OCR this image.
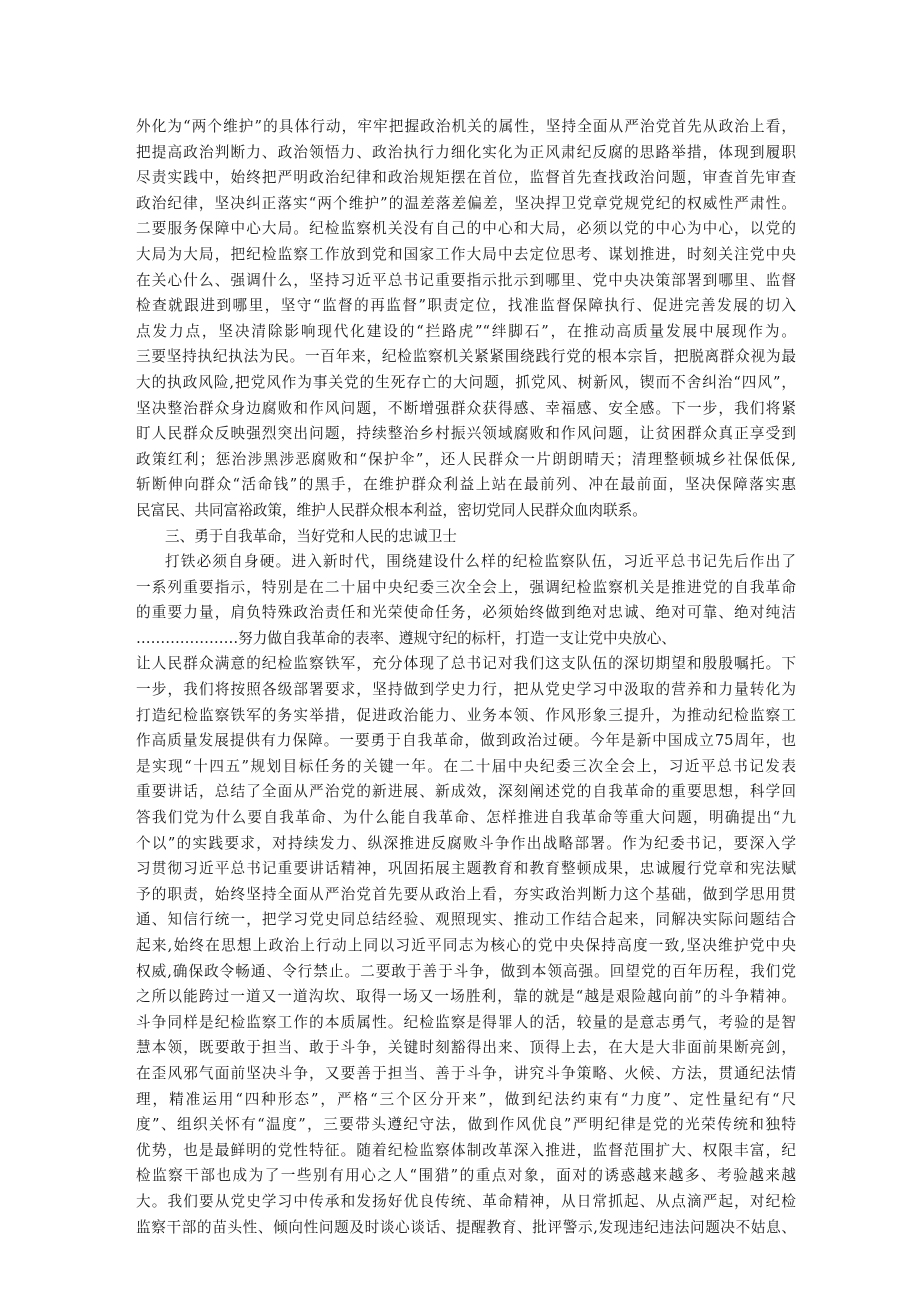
外化为“两个维护”的具体行动，牢牢把握政治机关的属性，坚持全面从严治党首先从政治上看，
把提高政治判断力、政治领悟力、政治执行力细化实化为正风肃纪反腐的思路举措，体现到履职
尽责实践中，始终把严明政治纪律和政治规矩摆在首位，监督首先查找政治问题，审查首先审查
政治纪律，坚决纠正落实“两个维护”的温差落差偏差，坚决捍卫党章党规党纪的权威性严肃性。
二要服务保障中心大局。纪检监察机关没有自己的中心和大局，必须以党的中心为中心，以党的
大局为大局，把纪检监察工作放到党和国家工作大局中去定位思考、谋划推进，时刻关注党中央
在关心什么、强调什么，坚持习近平总书记重要指示批示到哪里、党中央决策部署到哪里、监督
检查就跟进到哪里，坚守“监督的再监督”职责定位，找准监督保障执行、促进完善发展的切入
点发力点，坚决清除影响现代化建设的“拦路虎”“绊脚石”，在推动高质量发展中展现作为。
三要坚持执纪执法为民。一百年来，纪检监察机关紧紧围绕践行党的根本宗旨，把脱离群众视为最
大的执政风险,把党风作为事关党的生死存亡的大问题，抓党风、树新风，锲而不舍纠治“四风”，
坚决整治群众身边腐败和作风问题，不断增强群众获得感、幸福感、安全感。下一步，我们将紧
盯人民群众反映强烈突出问题，持续整治乡村振兴领域腐败和作风问题，让贫困群众真正享受到
政策红利；惩治涉黑涉恶腐败和“保护伞”，还人民群众一片朗朗晴天；清理整顿城乡社保低保,
斩断伸向群众“活命钱”的黑手，在维护群众利益上站在最前列、冲在最前面，坚决保障落实惠
民富民、共同富裕政策，维护人民群众根本利益，密切党同人民群众血肉联系。
三、勇于自我革命，当好党和人民的忠诚卫士
打铁必须自身硬。进入新时代，围绕建设什么样的纪检监察队伍，习近平总书记先后作出了
一系列重要指示，特别是在二十届中央纪委三次全会上，强调纪检监察机关是推进党的自我革命
的重要力量，肩负特殊政治责任和光荣使命任务，必须始终做到绝对忠诚、绝对可靠、绝对纯洁
…………………努力做自我革命的表率、遵规守纪的标杆，打造一支让党中央放心、
让人民群众满意的纪检监察铁军，充分体现了总书记对我们这支队伍的深切期望和殷殷嘱托。下
一步，我们将按照各级部署要求，坚持做到学史力行，把从党史学习中汲取的营养和力量转化为
打造纪检监察铁军的务实举措，促进政治能力、业务本领、作风形象三提升，为推动纪检监察工
作高质量发展提供有力保障。一要勇于自我革命，做到政治过硬。今年是新中国成立75周年，也
是实现“十四五”规划目标任务的关键一年。在二十届中央纪委三次全会上，习近平总书记发表
重要讲话，总结了全面从严治党的新进展、新成效，深刻阐述党的自我革命的重要思想，科学回
答我们党为什么要自我革命、为什么能自我革命、怎样推进自我革命等重大问题，明确提出“九
个以”的实践要求，对持续发力、纵深推进反腐败斗争作出战略部署。作为纪委书记，要深入学
习贯彻习近平总书记重要讲话精神，巩固拓展主题教育和教育整顿成果，忠诚履行党章和宪法赋
予的职责，始终坚持全面从严治党首先要从政治上看，夯实政治判断力这个基础，做到学思用贯
通、知信行统一，把学习党史同总结经验、观照现实、推动工作结合起来，同解决实际问题结合
起来,始终在思想上政治上行动上同以习近平同志为核心的党中央保持高度一致,坚决维护党中央
权威,确保政令畅通、令行禁止。二要敢于善于斗争，做到本领高强。回望党的百年历程，我们党
之所以能跨过一道又一道沟坎、取得一场又一场胜利，靠的就是“越是艰险越向前”的斗争精神。
斗争同样是纪检监察工作的本质属性。纪检监察是得罪人的活，较量的是意志勇气，考验的是智
慧本领，既要敢于担当、敢于斗争，关键时刻豁得出来、顶得上去，在大是大非面前果断亮剑，
在歪风邪气面前坚决斗争，又要善于担当、善于斗争，讲究斗争策略、火候、方法，贯通纪法情
理，精准运用“四种形态”，严格“三个区分开来”，做到纪法约束有“力度”、定性量纪有“尺
度”、组织关怀有“温度”，三要带头遵纪守法，做到作风优良”严明纪律是党的光荣传统和独特
优势，也是最鲜明的党性特征。随着纪检监察体制改革深入推进，监督范围扩大、权限丰富，纪
检监察干部也成为了一些别有用心之人“围猎”的重点对象，面对的诱惑越来越多、考验越来越
大。我们要从党史学习中传承和发扬好优良传统、革命精神，从日常抓起、从点滴严起，对纪检
监察干部的苗头性、倾向性问题及时谈心谈话、提醒教育、批评警示,发现违纪违法问题决不姑息、
